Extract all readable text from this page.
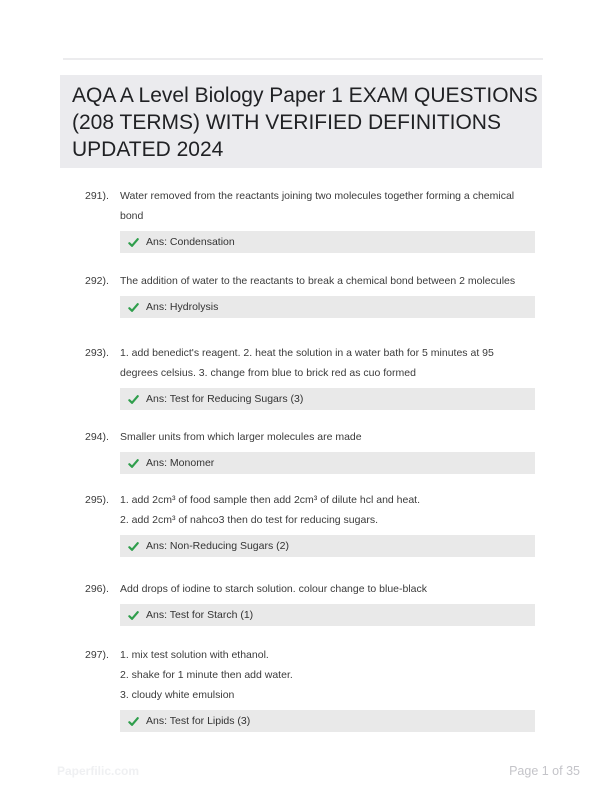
AQA A Level Biology Paper 1 EXAM QUESTIONS
(208 TERMS) WITH VERIFIED DEFINITIONS
UPDATED 2024
291). Water removed from the reactants joining two molecules together forming a chemical
bond
Ans: Condensation
292). The addition of water to the reactants to break a chemical bond between 2 molecules
Ans: Hydrolysis
293). 1. add benedict's reagent. 2. heat the solution in a water bath for 5 minutes at 95
degrees celsius. 3. change from blue to brick red as cuo formed
Ans: Test for Reducing Sugars (3)
294). Smaller units from which larger molecules are made
Ans: Monomer
295). 1. add 2cm³ of food sample then add 2cm³ of dilute hcl and heat.
2. add 2cm³ of nahco3 then do test for reducing sugars.
Ans: Non-Reducing Sugars (2)
296). Add drops of iodine to starch solution. colour change to blue-black
Ans: Test for Starch (1)
297). 1. mix test solution with ethanol.
2. shake for 1 minute then add water.
3. cloudy white emulsion
Ans: Test for Lipids (3)
Paperfilic.com	Page 1 of 35
